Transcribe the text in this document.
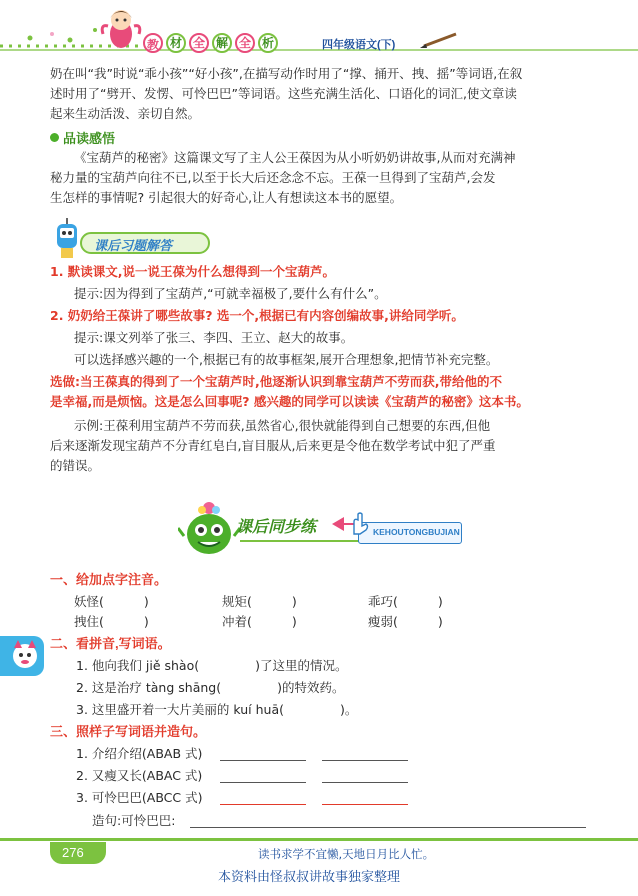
教 材 全 解 全 析	四年级语文(下)
奶在叫“我”时说“乖小孩”“好小孩”,在描写动作时用了“撑、捅开、拽、摇”等词语,在叙
述时用了“劈开、发愣、可怜巴巴”等词语。这些充满生活化、口语化的词汇,使文章读
起来生动活泼、亲切自然。
品读感悟
《宝葫芦的秘密》这篇课文写了主人公王葆因为从小听奶奶讲故事,从而对充满神
秘力量的宝葫芦向往不已,以至于长大后还念念不忘。王葆一旦得到了宝葫芦,会发
生怎样的事情呢? 引起很大的好奇心,让人有想读这本书的愿望。
课后习题解答
1. 默读课文,说一说王葆为什么想得到一个宝葫芦。
提示:因为得到了宝葫芦,“可就幸福极了,要什么有什么”。
2. 奶奶给王葆讲了哪些故事? 选一个,根据已有内容创编故事,讲给同学听。
提示:课文列举了张三、李四、王立、赵大的故事。
可以选择感兴趣的一个,根据已有的故事框架,展开合理想象,把情节补充完整。
选做:当王葆真的得到了一个宝葫芦时,他逐渐认识到靠宝葫芦不劳而获,带给他的不
是幸福,而是烦恼。这是怎么回事呢? 感兴趣的同学可以读读《宝葫芦的秘密》这本书。
示例:王葆利用宝葫芦不劳而获,虽然省心,很快就能得到自己想要的东西,但他
后来逐渐发现宝葫芦不分青红皂白,盲目服从,后来更是令他在数学考试中犯了严重
的错误。
课后同步练	KEHOUTONGBUJIAN
一、给加点字注音。
妖怪(	)	规矩(	)	乖巧(	)
拽住(	)	冲着(	)	瘦弱(	)
二、看拼音,写词语。
1. 他向我们 jiě shào(	)了这里的情况。
2. 这是治疗 tàng shāng(	)的特效药。
3. 这里盛开着一大片美丽的 kuí huā(	)。
三、照样子写词语并造句。
1. 介绍介绍(ABAB 式)
2. 又瘦又长(ABAC 式)
3. 可怜巴巴(ABCC 式)
造句:可怜巴巴:
276	读书求学不宜懒,天地日月比人忙。
本资料由怪叔叔讲故事独家整理
